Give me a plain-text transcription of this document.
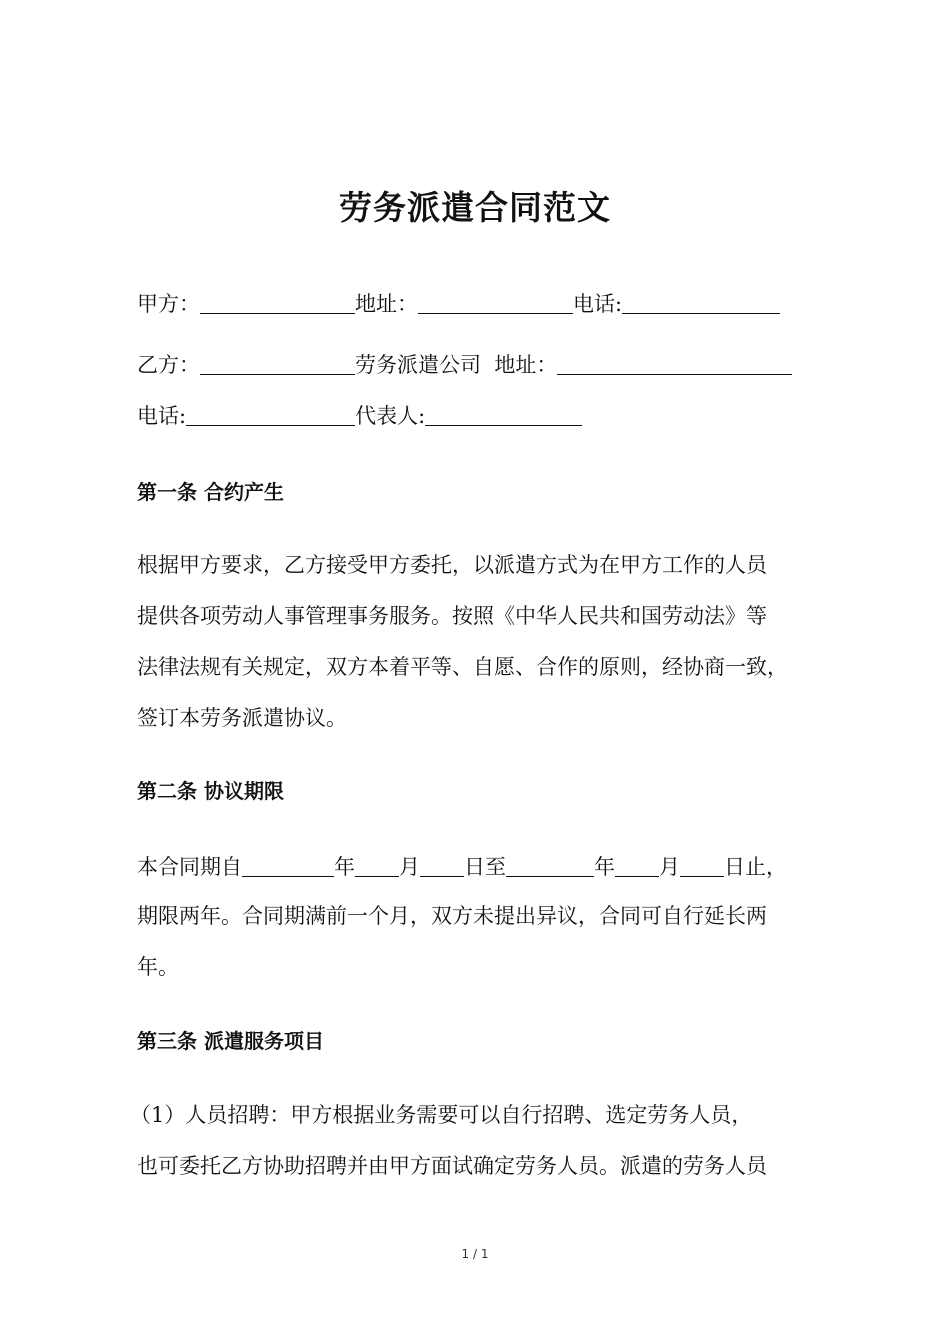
劳务派遣合同范文
甲方：	地址：	电话:
乙方：	劳务派遣公司 地址：
电话:	代表人:
第一条 合约产生
根据甲方要求，乙方接受甲方委托，以派遣方式为在甲方工作的人员
提供各项劳动人事管理事务服务。按照《中华人民共和国劳动法》等
法律法规有关规定，双方本着平等、自愿、合作的原则，经协商一致，
签订本劳务派遣协议。
第二条 协议期限
本合同期自	年 月 日至	年 月 日止，
期限两年。合同期满前一个月，双方未提出异议，合同可自行延长两
年。
第三条 派遣服务项目
（1）人员招聘：甲方根据业务需要可以自行招聘、选定劳务人员，
也可委托乙方协助招聘并由甲方面试确定劳务人员。派遣的劳务人员
1 / 1
